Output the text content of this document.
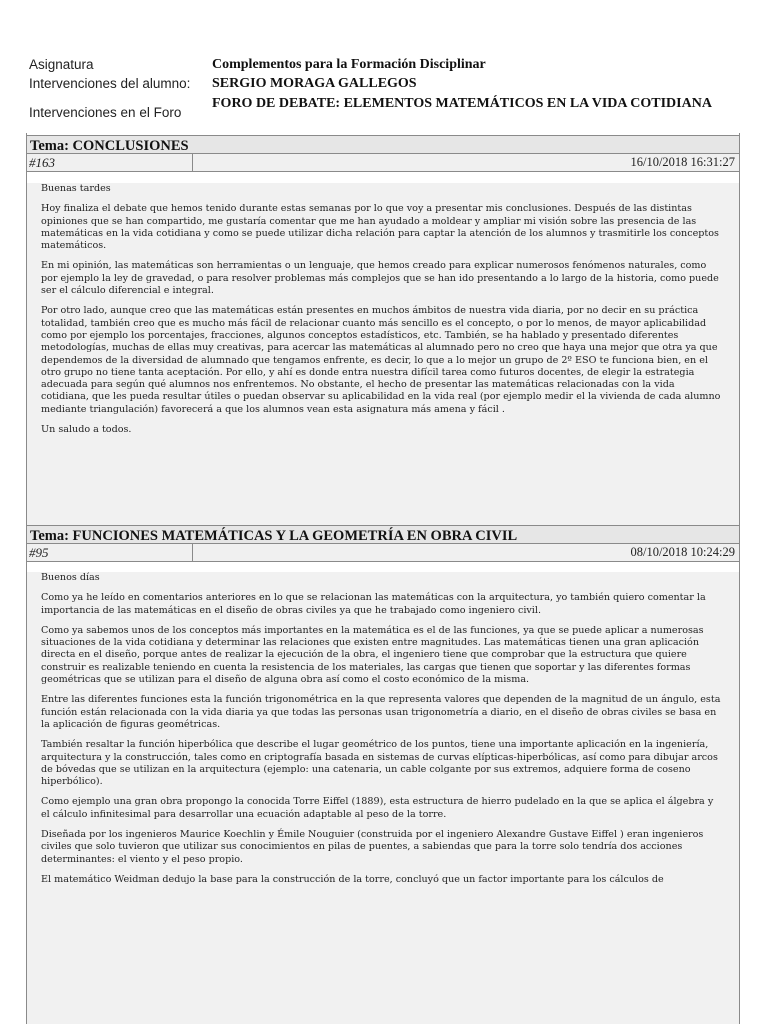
Asignatura	Complementos para la Formación Disciplinar
Intervenciones del alumno: SERGIO MORAGA GALLEGOS
Intervenciones en el Foro
FORO DE DEBATE: ELEMENTOS MATEMÁTICOS EN LA VIDA COTIDIANA
Tema: CONCLUSIONES
#163	16/10/2018 16:31:27

Buenas tardes

Hoy finaliza el debate que hemos tenido durante estas semanas por lo que voy a presentar mis conclusiones. Después de las distintas opiniones que se han compartido, me gustaría comentar que me han ayudado a moldear y ampliar mi visión sobre las presencia de las matemáticas en la vida cotidiana y como se puede utilizar dicha relación para captar la atención de los alumnos y trasmitirle los conceptos matemáticos.

En mi opinión, las matemáticas son herramientas o un lenguaje, que hemos creado para explicar numerosos fenómenos naturales, como por ejemplo la ley de gravedad, o para resolver problemas más complejos que se han ido presentando a lo largo de la historia, como puede ser el cálculo diferencial e integral.

Por otro lado, aunque creo que las matemáticas están presentes en muchos ámbitos de nuestra vida diaria, por no decir en su práctica totalidad, también creo que es mucho más fácil de relacionar cuanto más sencillo es el concepto, o por lo menos, de mayor aplicabilidad como por ejemplo los porcentajes, fracciones, algunos conceptos estadísticos, etc. También, se ha hablado y presentado diferentes metodologías, muchas de ellas muy creativas, para acercar las matemáticas al alumnado pero no creo que haya una mejor que otra ya que dependemos de la diversidad de alumnado que tengamos enfrente, es decir, lo que a lo mejor un grupo de 2º ESO te funciona bien, en el otro grupo no tiene tanta aceptación. Por ello, y ahí es donde entra nuestra difícil tarea como futuros docentes, de elegir la estrategia adecuada para según qué alumnos nos enfrentemos. No obstante, el hecho de presentar las matemáticas relacionadas con la vida cotidiana, que les pueda resultar útiles o puedan observar su aplicabilidad en la vida real (por ejemplo medir el la vivienda de cada alumno mediante triangulación) favorecerá a que los alumnos vean esta asignatura más amena y fácil .

Un saludo a todos.

Tema: FUNCIONES MATEMÁTICAS Y LA GEOMETRÍA EN OBRA CIVIL
#95	08/10/2018 10:24:29

Buenos días

Como ya he leído en comentarios anteriores en lo que se relacionan las matemáticas con la arquitectura, yo también quiero comentar la importancia de las matemáticas en el diseño de obras civiles ya que he trabajado como ingeniero civil.

Como ya sabemos unos de los conceptos más importantes en la matemática es el de las funciones, ya que se puede aplicar a numerosas situaciones de la vida cotidiana y determinar las relaciones que existen entre magnitudes. Las matemáticas tienen una gran aplicación directa en el diseño, porque antes de realizar la ejecución de la obra, el ingeniero tiene que comprobar que la estructura que quiere construir es realizable teniendo en cuenta la resistencia de los materiales, las cargas que tienen que soportar y las diferentes formas geométricas que se utilizan para el diseño de alguna obra así como el costo económico de la misma.

Entre las diferentes funciones esta la función trigonométrica en la que representa valores que dependen de la magnitud de un ángulo, esta función están relacionada con la vida diaria ya que todas las personas usan trigonometría a diario, en el diseño de obras civiles se basa en la aplicación de figuras geométricas.

También resaltar la función hiperbólica que describe el lugar geométrico de los puntos, tiene una importante aplicación en la ingeniería, arquitectura y la construcción, tales como en criptografía basada en sistemas de curvas elípticas-hiperbólicas, así como para dibujar arcos de bóvedas que se utilizan en la arquitectura (ejemplo: una catenaria, un cable colgante por sus extremos, adquiere forma de coseno hiperbólico).

Como ejemplo una gran obra propongo la conocida Torre Eiffel (1889), esta estructura de hierro pudelado en la que se aplica el álgebra y el cálculo infinitesimal para desarrollar una ecuación adaptable al peso de la torre.

Diseñada por los ingenieros Maurice Koechlin y Émile Nouguier (construida por el ingeniero Alexandre Gustave Eiffel ) eran ingenieros civiles que solo tuvieron que utilizar sus conocimientos en pilas de puentes, a sabiendas que para la torre solo tendría dos acciones determinantes: el viento y el peso propio.

El matemático Weidman dedujo la base para la construcción de la torre, concluyó que un factor importante para los cálculos de
